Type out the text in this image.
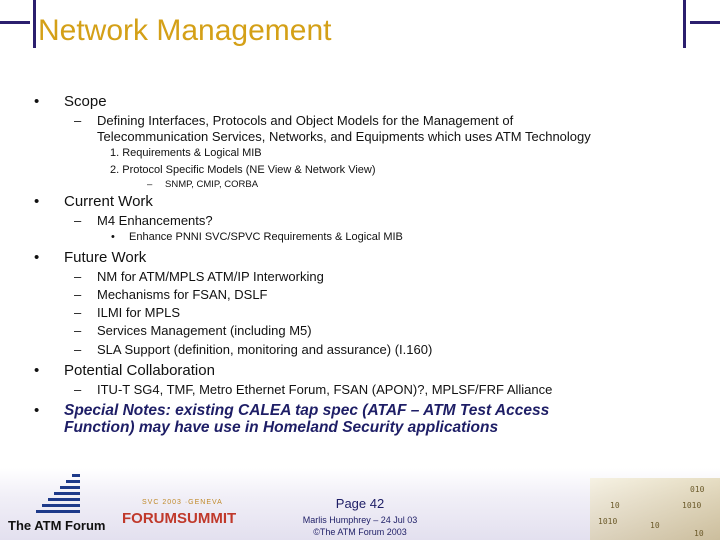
Network Management
• Scope
– Defining Interfaces, Protocols and Object Models for the Management of
Telecommunication Services, Networks, and Equipments which uses ATM Technology
1. Requirements & Logical MIB
2. Protocol Specific Models (NE View & Network View)
– SNMP, CMIP, CORBA
• Current Work
– M4 Enhancements?
• Enhance PNNI SVC/SPVC Requirements & Logical MIB
• Future Work
– NM for ATM/MPLS ATM/IP Interworking
– Mechanisms for FSAN, DSLF
– ILMI for MPLS
– Services Management (including M5)
– SLA Support (definition, monitoring and assurance) (I.160)
• Potential Collaboration
– ITU-T SG4, TMF, Metro Ethernet Forum, FSAN (APON)?, MPLSF/FRF Alliance
• Special Notes: existing CALEA tap spec (ATAF – ATM Test Access
Function) may have use in Homeland Security applications
The ATM Forum
SVC 2003 ·GENEVA
FORUMSUMMIT
Page 42
Marlis Humphrey – 24 Jul 03
©The ATM Forum 2003
010
10	1010
1010	10
10
